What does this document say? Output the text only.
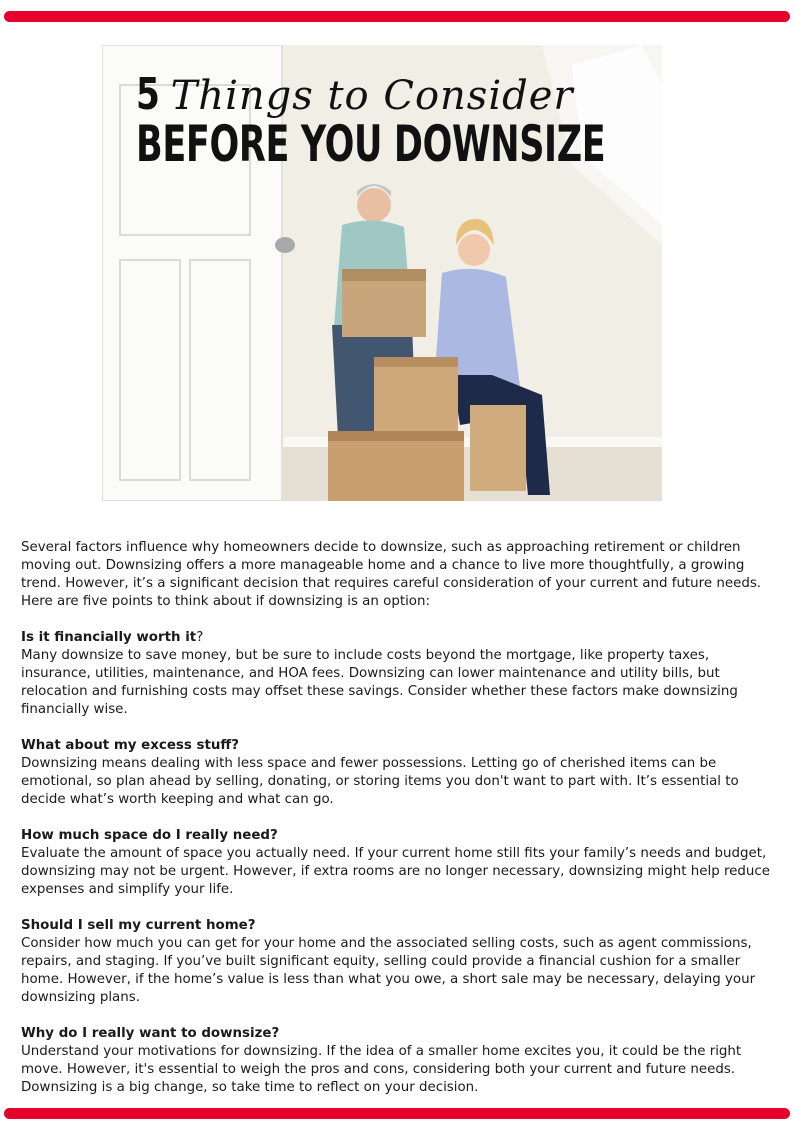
5 Things to Consider
BEFORE YOU DOWNSIZE

Several factors influence why homeowners decide to downsize, such as approaching retirement or children moving out. Downsizing offers a more manageable home and a chance to live more thoughtfully, a growing trend. However, it’s a significant decision that requires careful consideration of your current and future needs. Here are five points to think about if downsizing is an option:

Is it financially worth it?

Many downsize to save money, but be sure to include costs beyond the mortgage, like property taxes, insurance, utilities, maintenance, and HOA fees. Downsizing can lower maintenance and utility bills, but relocation and furnishing costs may offset these savings. Consider whether these factors make downsizing financially wise.

What about my excess stuff?

Downsizing means dealing with less space and fewer possessions. Letting go of cherished items can be emotional, so plan ahead by selling, donating, or storing items you don't want to part with. It’s essential to decide what’s worth keeping and what can go.

How much space do I really need?

Evaluate the amount of space you actually need. If your current home still fits your family’s needs and budget, downsizing may not be urgent. However, if extra rooms are no longer necessary, downsizing might help reduce expenses and simplify your life.

Should I sell my current home?

Consider how much you can get for your home and the associated selling costs, such as agent commissions, repairs, and staging. If you’ve built significant equity, selling could provide a financial cushion for a smaller home. However, if the home’s value is less than what you owe, a short sale may be necessary, delaying your downsizing plans.

Why do I really want to downsize?

Understand your motivations for downsizing. If the idea of a smaller home excites you, it could be the right move. However, it's essential to weigh the pros and cons, considering both your current and future needs. Downsizing is a big change, so take time to reflect on your decision.
